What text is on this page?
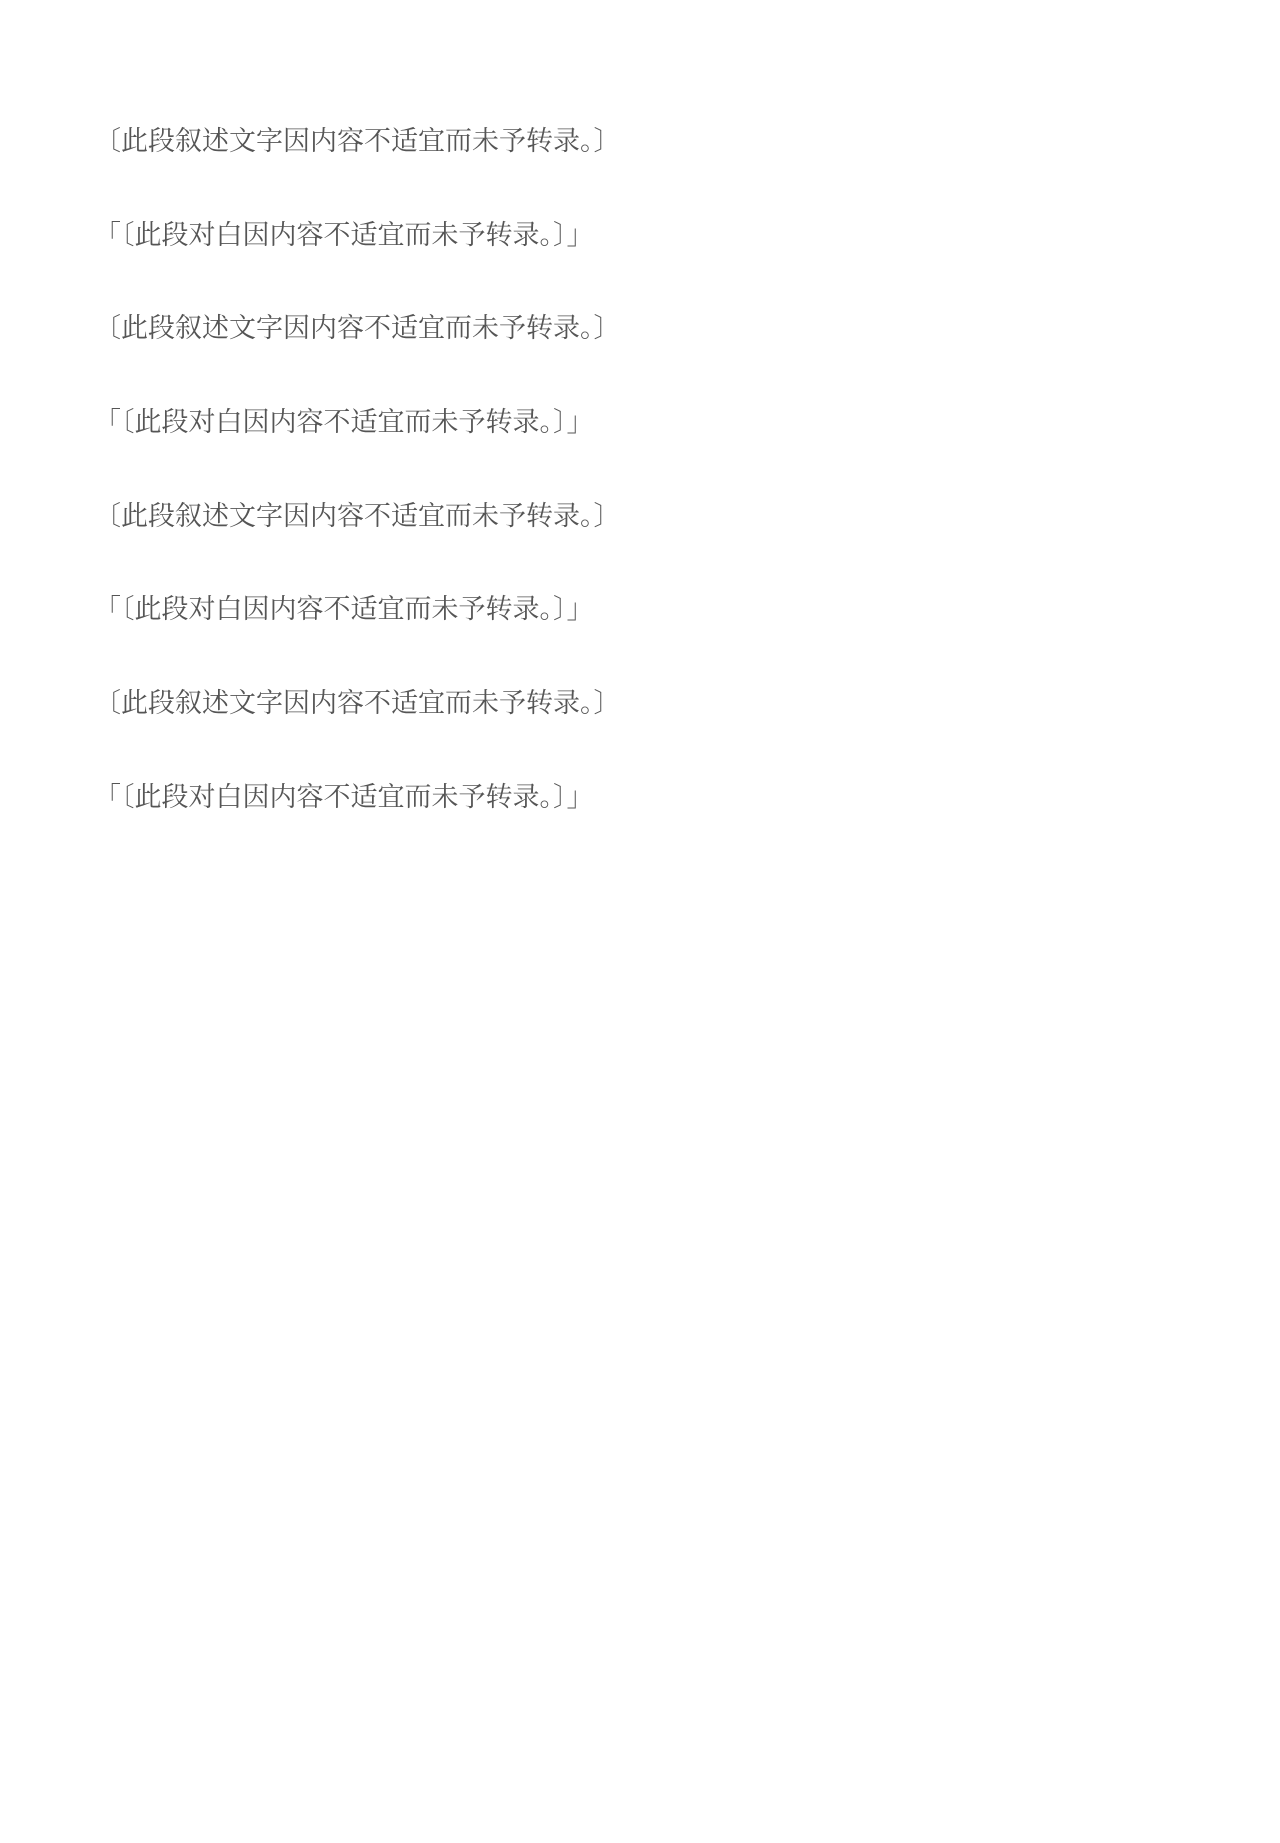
〔此段叙述文字因内容不适宜而未予转录。〕

「〔此段对白因内容不适宜而未予转录。〕」

〔此段叙述文字因内容不适宜而未予转录。〕

「〔此段对白因内容不适宜而未予转录。〕」

〔此段叙述文字因内容不适宜而未予转录。〕

「〔此段对白因内容不适宜而未予转录。〕」

〔此段叙述文字因内容不适宜而未予转录。〕

「〔此段对白因内容不适宜而未予转录。〕」
